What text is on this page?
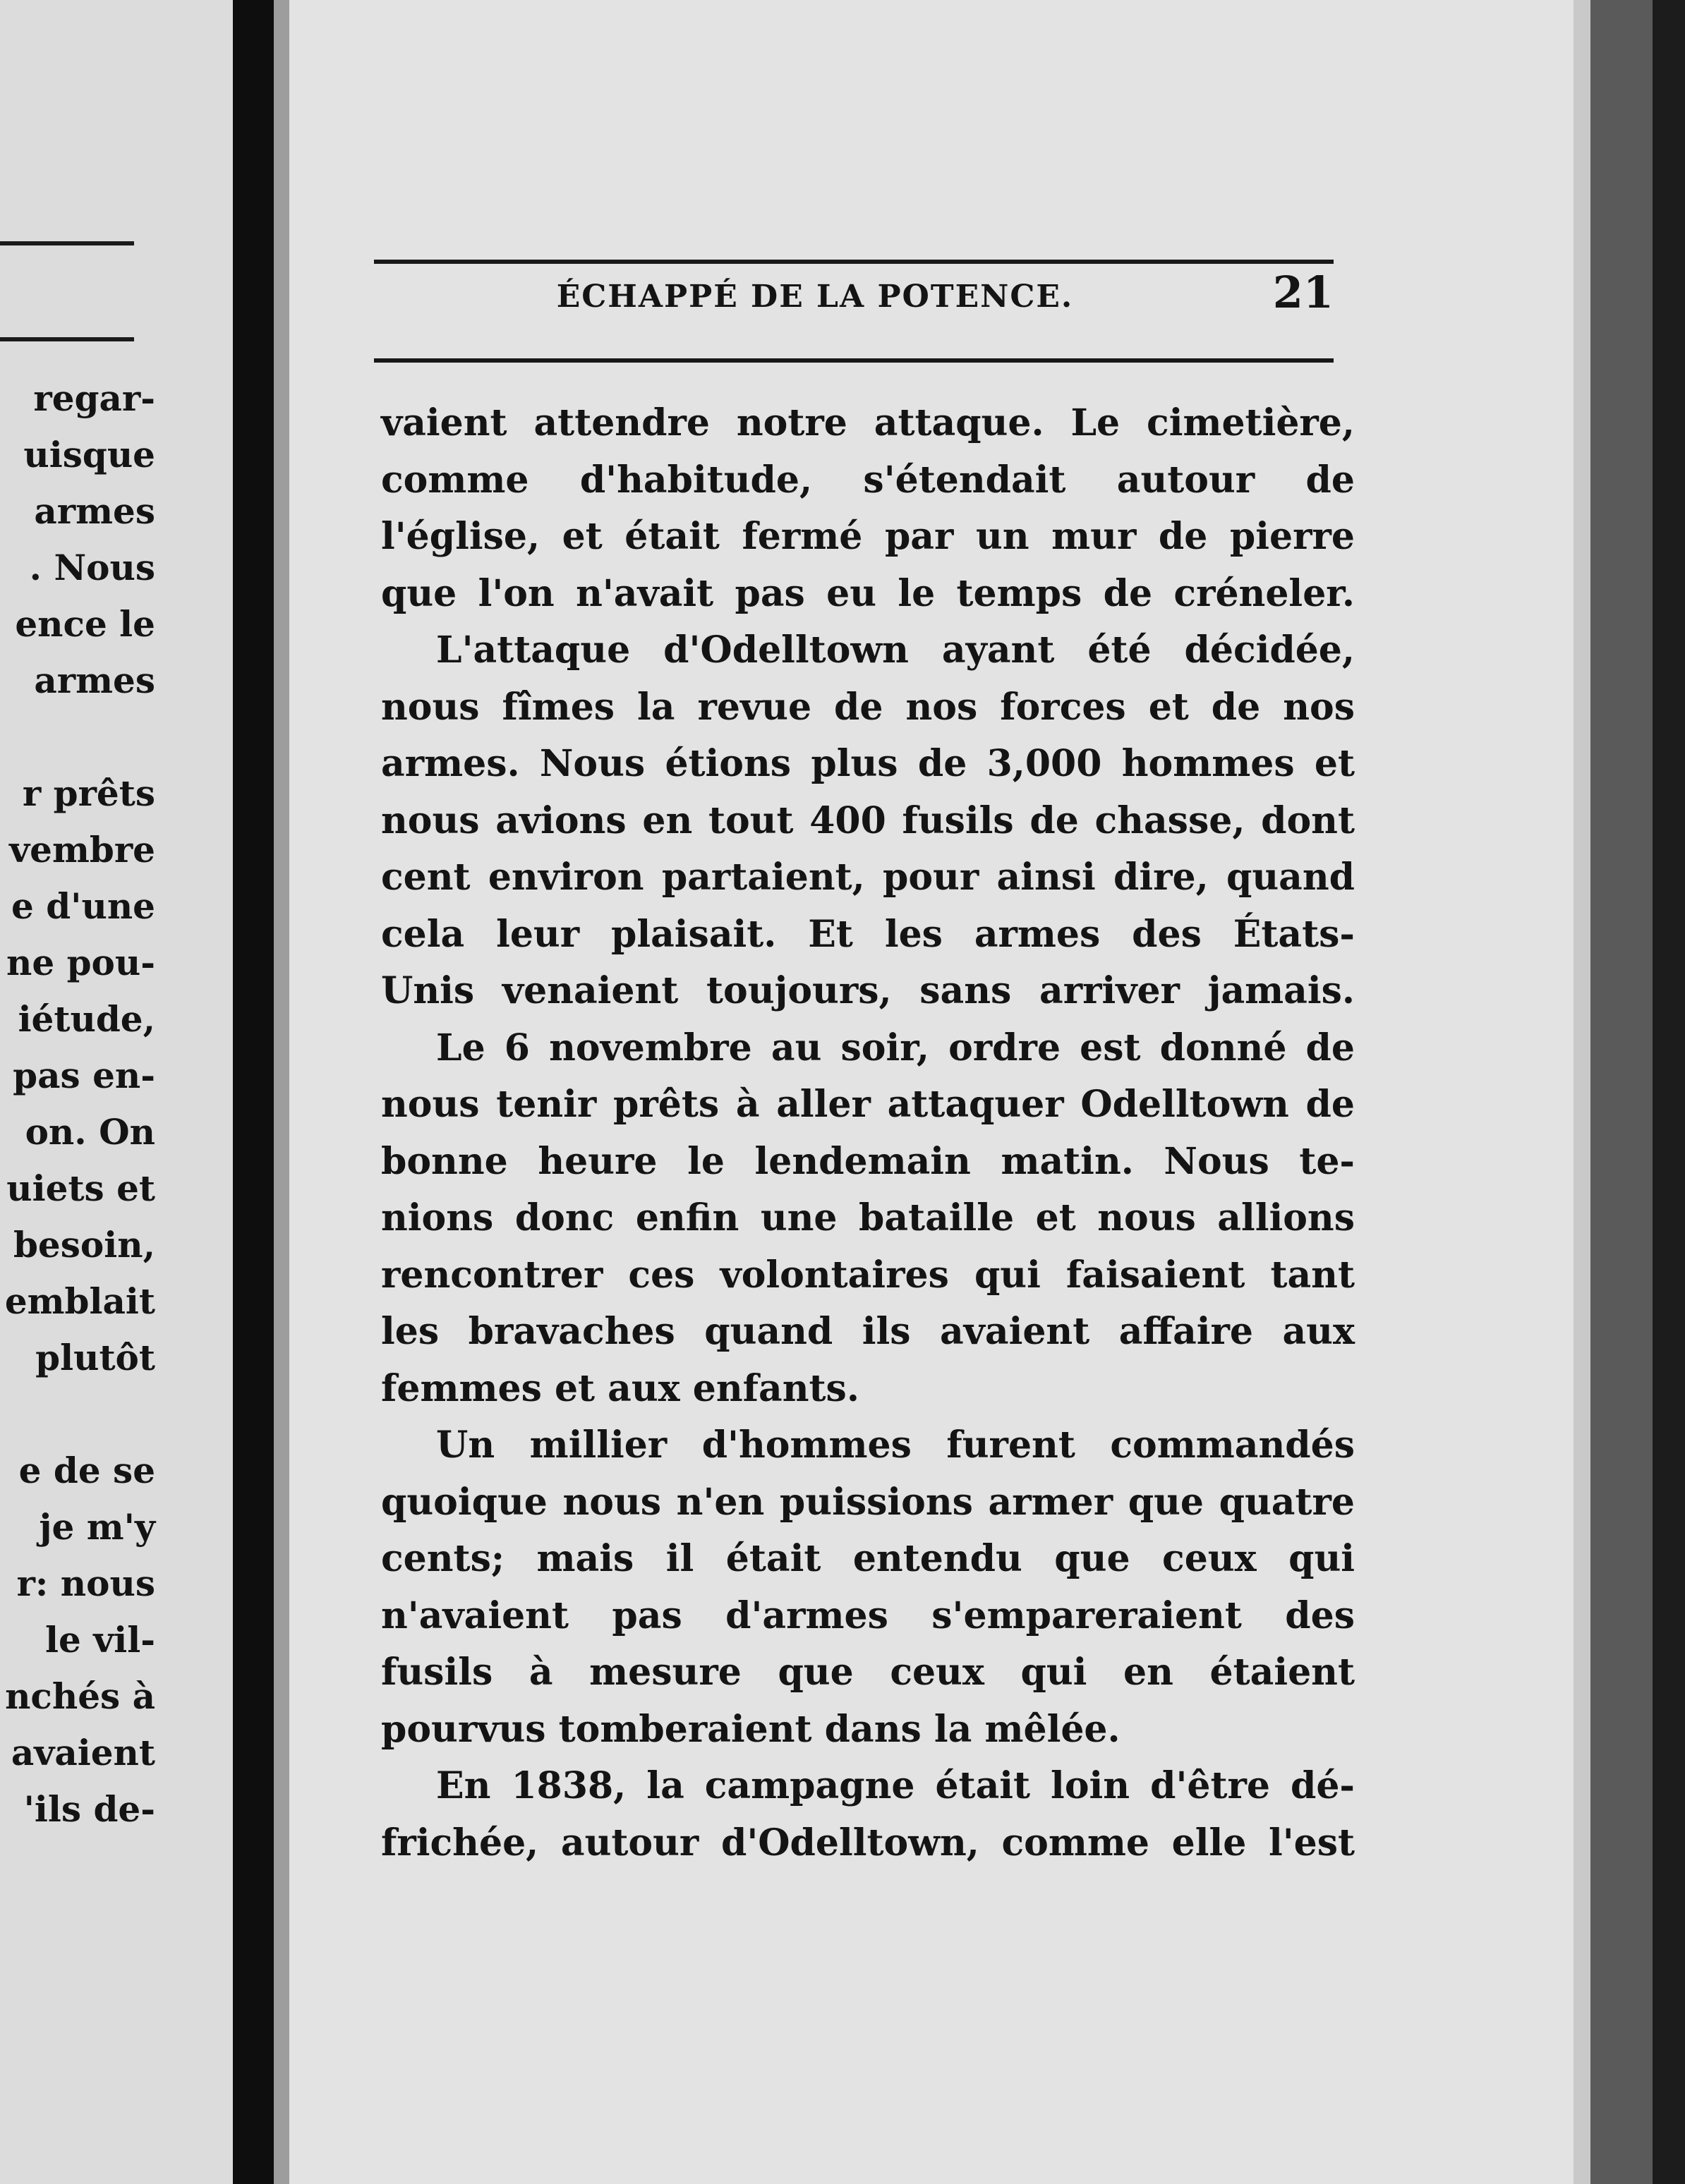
regar-
uisque
armes
. Nous
ence le
armes
r prêts
vembre
e d'une
ne pou-
iétude,
pas en-
on. On
uiets et
besoin,
emblait
plutôt
e de se
je m'y
r: nous
le vil-
nchés à
avaient
'ils de-
ÉCHAPPÉ DE LA POTENCE.	21
vaient attendre notre attaque. Le cimetière,
comme d'habitude, s'étendait autour de
l'église, et était fermé par un mur de pierre
que l'on n'avait pas eu le temps de créneler.
L'attaque d'Odelltown ayant été décidée,
nous fîmes la revue de nos forces et de nos
armes. Nous étions plus de 3,000 hommes et
nous avions en tout 400 fusils de chasse, dont
cent environ partaient, pour ainsi dire, quand
cela leur plaisait. Et les armes des États-
Unis venaient toujours, sans arriver jamais.
Le 6 novembre au soir, ordre est donné de
nous tenir prêts à aller attaquer Odelltown de
bonne heure le lendemain matin. Nous te-
nions donc enfin une bataille et nous allions
rencontrer ces volontaires qui faisaient tant
les bravaches quand ils avaient affaire aux
femmes et aux enfants.
Un millier d'hommes furent commandés
quoique nous n'en puissions armer que quatre
cents; mais il était entendu que ceux qui
n'avaient pas d'armes s'empareraient des
fusils à mesure que ceux qui en étaient
pourvus tomberaient dans la mêlée.
En 1838, la campagne était loin d'être dé-
frichée, autour d'Odelltown, comme elle l'est
